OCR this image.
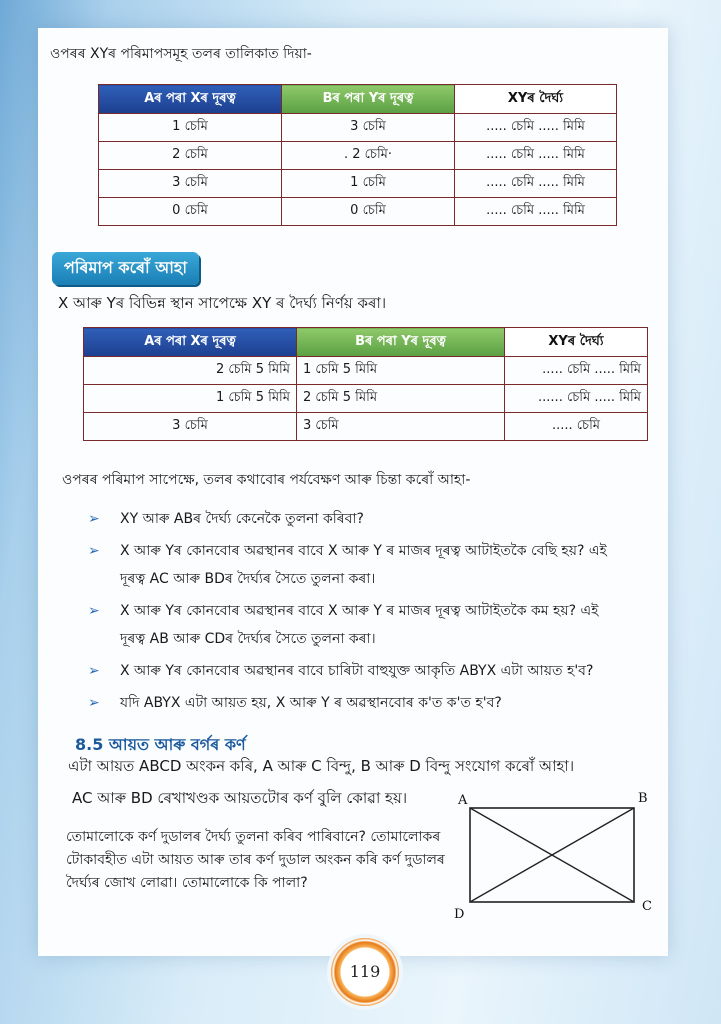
ওপৰৰ XYৰ পৰিমাপসমূহ তলৰ তালিকাত দিয়া-
Aৰ পৰা Xৰ দূৰত্ব	Bৰ পৰা Yৰ দূৰত্ব	XYৰ দৈৰ্ঘ্য
1 চেমি	3 চেমি	..... চেমি ..... মিমি
2 চেমি	. 2 চেমি·	..... চেমি ..... মিমি
3 চেমি	1 চেমি	..... চেমি ..... মিমি
0 চেমি	0 চেমি	..... চেমি ..... মিমি
পৰিমাপ কৰোঁ আহা
X আৰু Yৰ বিভিন্ন স্থান সাপেক্ষে XY ৰ দৈৰ্ঘ্য নিৰ্ণয় কৰা।
Aৰ পৰা Xৰ দূৰত্ব	Bৰ পৰা Yৰ দূৰত্ব	XYৰ দৈৰ্ঘ্য
2 চেমি 5 মিমি	1 চেমি 5 মিমি	..... চেমি ..... মিমি
1 চেমি 5 মিমি	2 চেমি 5 মিমি	...... চেমি ..... মিমি
3 চেমি	3 চেমি	..... চেমি
ওপৰৰ পৰিমাপ সাপেক্ষে, তলৰ কথাবোৰ পৰ্যবেক্ষণ আৰু চিন্তা কৰোঁ আহা-
➢ XY আৰু ABৰ দৈৰ্ঘ্য কেনেকৈ তুলনা কৰিবা?
➢ X আৰু Yৰ কোনবোৰ অৱস্থানৰ বাবে X আৰু Y ৰ মাজৰ দূৰত্ব আটাইতকৈ বেছি হয়? এই
দূৰত্ব AC আৰু BDৰ দৈৰ্ঘ্যৰ সৈতে তুলনা কৰা।
➢ X আৰু Yৰ কোনবোৰ অৱস্থানৰ বাবে X আৰু Y ৰ মাজৰ দূৰত্ব আটাইতকৈ কম হয়? এই
দূৰত্ব AB আৰু CDৰ দৈৰ্ঘ্যৰ সৈতে তুলনা কৰা।
➢ X আৰু Yৰ কোনবোৰ অৱস্থানৰ বাবে চাৰিটা বাহুযুক্ত আকৃতি ABYX এটা আয়ত হ'ব?
➢ যদি ABYX এটা আয়ত হয়, X আৰু Y ৰ অৱস্থানবোৰ ক'ত ক'ত হ'ব?
8.5 আয়ত আৰু বৰ্গৰ কৰ্ণ
এটা আয়ত ABCD অংকন কৰি, A আৰু C বিন্দু, B আৰু D বিন্দু সংযোগ কৰোঁ আহা।
AC আৰু BD ৰেখাখণ্ডক আয়তটোৰ কৰ্ণ বুলি কোৱা হয়।
তোমালোকে কৰ্ণ দুডালৰ দৈৰ্ঘ্য তুলনা কৰিব পাৰিবানে? তোমালোকৰ টোকাবহীত এটা আয়ত আৰু তাৰ কৰ্ণ দুডাল অংকন কৰি কৰ্ণ দুডালৰ দৈৰ্ঘ্যৰ জোখ লোৱা। তোমালোকে কি পালা?
A	B
C
D
119
